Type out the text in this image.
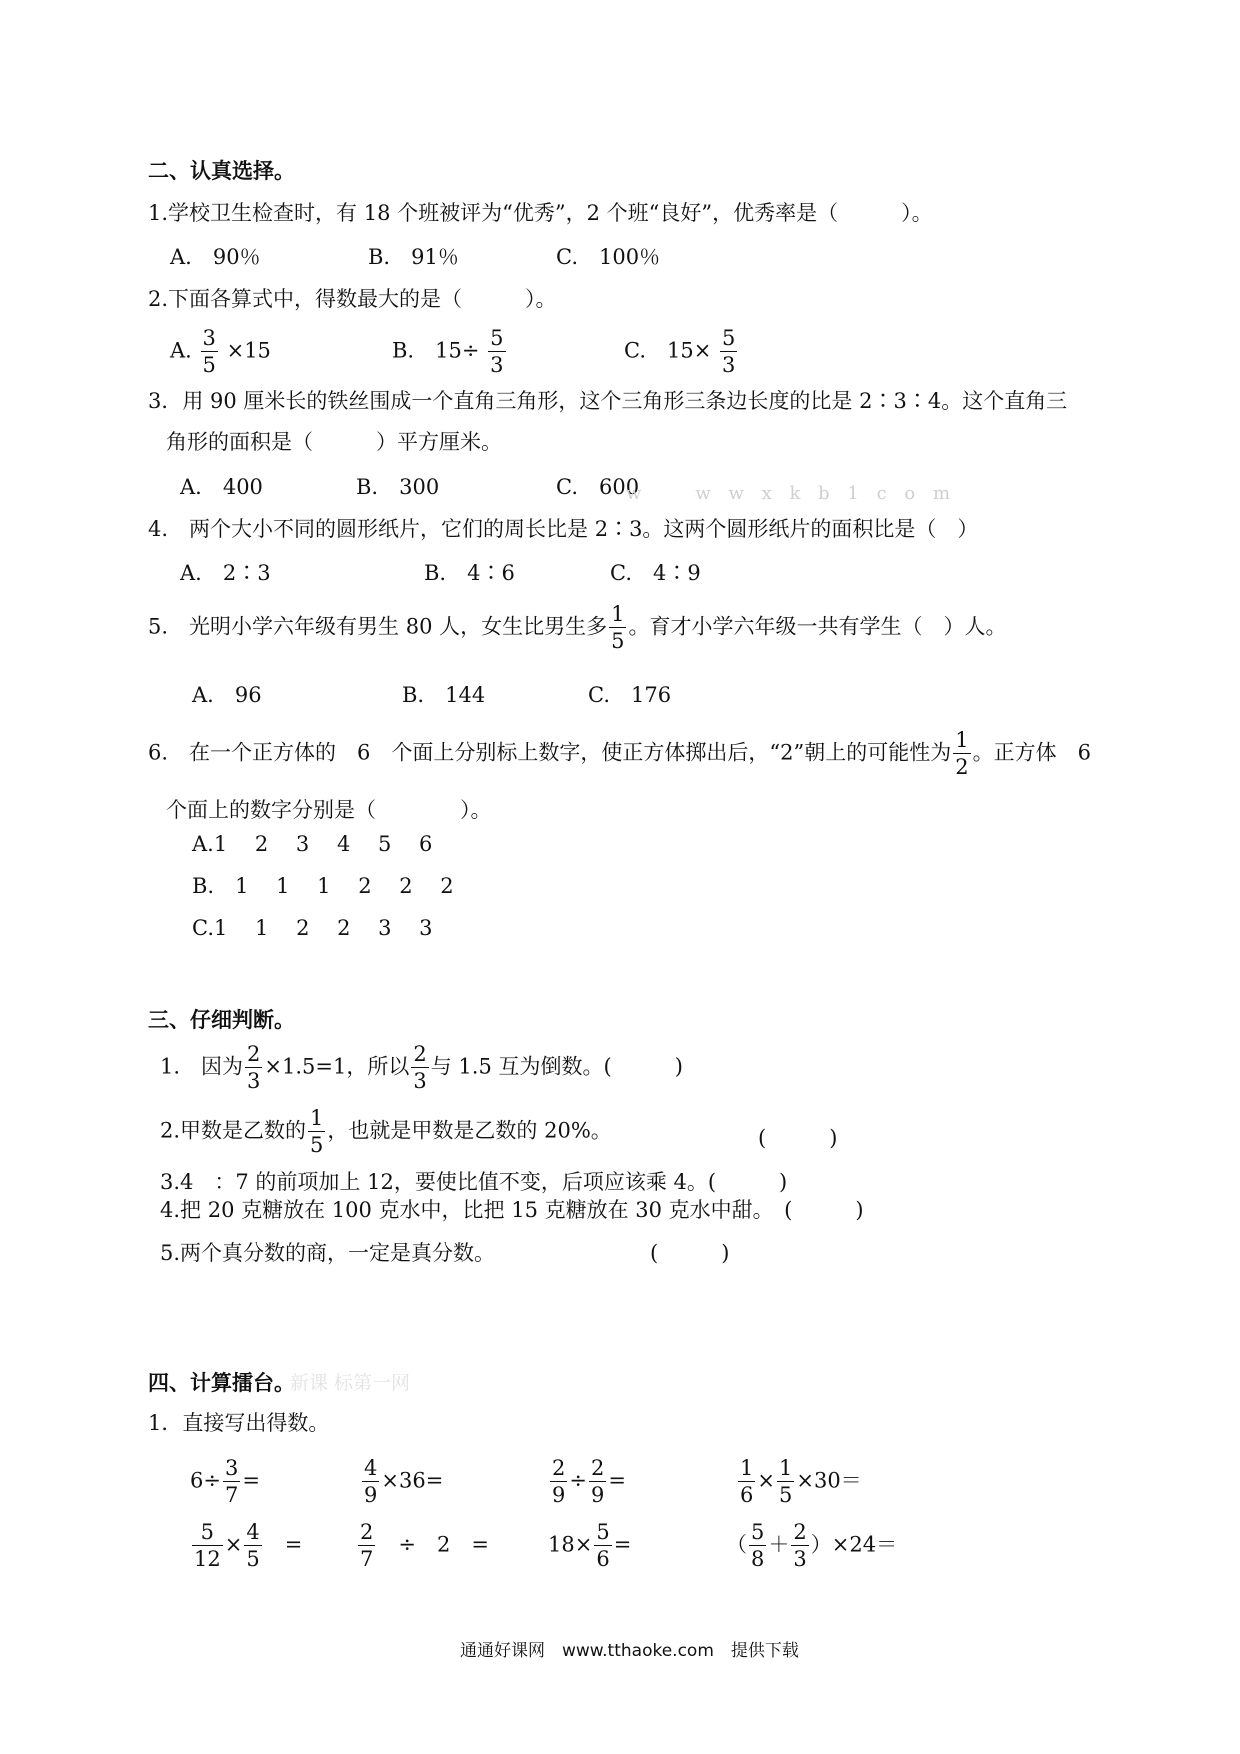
二、认真选择。
1.学校卫生检查时，有 18 个班被评为“优秀”，2 个班“良好”，优秀率是（　　　）。
A.　90％	B.　91％	C.　100％
2.下面各算式中，得数最大的是（　　　）。
A. $\frac{3}{5} \times 15$	B.　$15\div \frac{5}{3}$	C.　$15\times \frac{5}{3}$
3．用 90 厘米长的铁丝围成一个直角三角形，这个三角形三条边长度的比是 2∶3∶4。这个直角三
角形的面积是（　　　）平方厘米。
A.　400	B.　300	C.　600
w　　w w x k b 1 c o m
4.　两个大小不同的圆形纸片，它们的周长比是 2∶3。这两个圆形纸片的面积比是（　）
A.　2∶3	B.　4∶6	C.　4∶9
5.　光明小学六年级有男生 80 人，女生比男生多 $\frac{1}{5}$ 。育才小学六年级一共有学生（　）人。
A.　96	B.　144	C.　176
6.　在一个正方体的　6　个面上分别标上数字，使正方体掷出后，“2”朝上的可能性为 $\frac{1}{2}$ 。正方体　6
个面上的数字分别是（　　　　）。
A.1　 2　 3　 4　 5　 6
B.　1　 1　 1　 2　 2　 2
C.1　 1　 2　 2　 3　 3
三、仔细判断。
1.　因为 $\frac{2}{3} \times 1.5=1$，所以 $\frac{2}{3}$ 与 1.5 互为倒数。(　　　)
2.甲数是乙数的 $\frac{1}{5}$ ，也就是甲数是乙数的 20%。	(　　　)
3.4　：7 的前项加上 12，要使比值不变，后项应该乘 4。(　　　)
4.把 20 克糖放在 100 克水中，比把 15 克糖放在 30 克水中甜。　(　　　)
5.两个真分数的商，一定是真分数。	(　　　)
四、计算擂台。
新课 标第一网
1．直接写出得数。
$6\div \frac{3}{7}$ =	$\frac{4}{9} \times 36=$	$\frac{2}{9} \div \frac{2}{9}$ =	$\frac{1}{6} \times \frac{1}{5} \times 30=$
$\frac{5}{12} \times \frac{4}{5}$ 　=	$\frac{2}{7}$ 　÷　2　=	$18\times \frac{5}{6}$ =	（ $\frac{5}{8} + \frac{2}{3} )\times 24=$
通通好课网　www.tthaoke.com　提供下载
